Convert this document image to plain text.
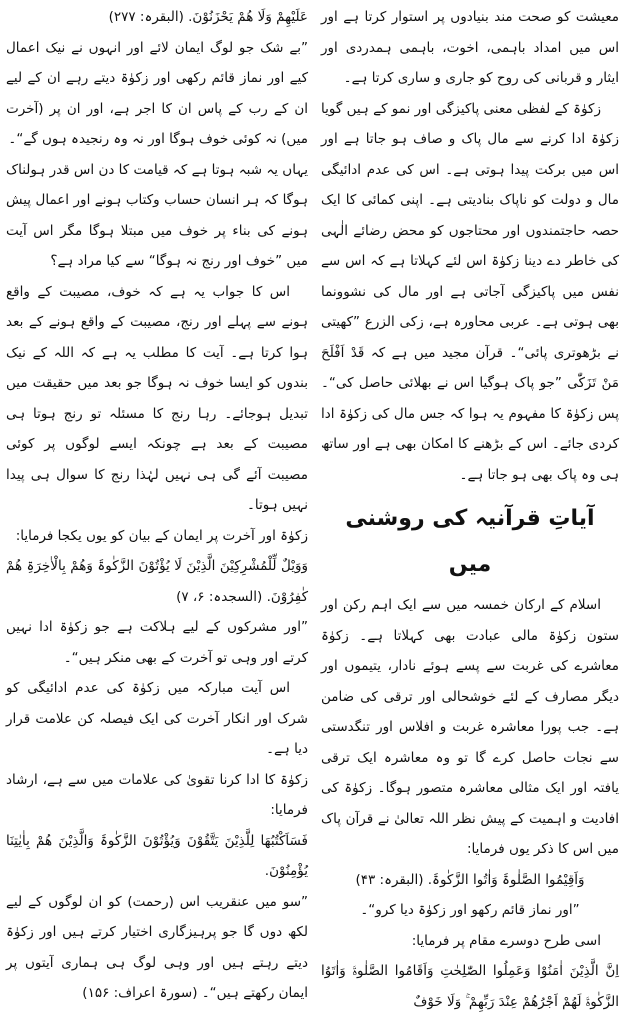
معیشت کو صحت مند بنیادوں پر استوار کرتا ہے اور اس میں امداد باہمی، اخوت، باہمی ہمدردی اور ایثار و قربانی کی روح کو جاری و ساری کرتا ہے۔

زکوٰۃ کے لفظی معنی پاکیزگی اور نمو کے ہیں گویا زکوٰۃ ادا کرنے سے مال پاک و صاف ہو جاتا ہے اور اس میں برکت پیدا ہوتی ہے۔ اس کی عدم ادائیگی مال و دولت کو ناپاک بنادیتی ہے۔ اپنی کمائی کا ایک حصہ حاجتمندوں اور محتاجوں کو محض رضائے الٰہی کی خاطر دے دینا زکوٰۃ اس لئے کہلاتا ہے کہ اس سے نفس میں پاکیزگی آجاتی ہے اور مال کی نشوونما بھی ہوتی ہے۔ عربی محاورہ ہے، زکی الزرع ”کھیتی نے بڑھوتری پائی“۔ قرآن مجید میں ہے کہ قَدْ اَفْلَحَ مَنْ تَزَکّٰی ”جو پاک ہوگیا اس نے بھلائی حاصل کی“۔ پس زکوٰۃ کا مفہوم یہ ہوا کہ جس مال کی زکوٰۃ ادا کردی جائے۔ اس کے بڑھنے کا امکان بھی ہے اور ساتھ ہی وہ پاک بھی ہو جاتا ہے۔

آیاتِ قرآنیہ کی روشنی میں

اسلام کے ارکان خمسہ میں سے ایک اہم رکن اور ستون زکوٰۃ مالی عبادت بھی کہلاتا ہے۔ زکوٰۃ معاشرے کی غربت سے پسے ہوئے نادار، یتیموں اور دیگر مصارف کے لئے خوشحالی اور ترقی کی ضامن ہے۔ جب پورا معاشرہ غربت و افلاس اور تنگدستی سے نجات حاصل کرے گا تو وہ معاشرہ ایک ترقی یافتہ اور ایک مثالی معاشرہ متصور ہوگا۔ زکوٰۃ کی افادیت و اہمیت کے پیش نظر اللہ تعالیٰ نے قرآن پاک میں اس کا ذکر یوں فرمایا:

وَاَقِیْمُوا الصَّلٰوۃَ وَاٰتُوا الزَّکٰوۃَ. (البقرہ: ۴۳)

”اور نماز قائم رکھو اور زکوٰۃ دیا کرو“۔

اسی طرح دوسرے مقام پر فرمایا:

اِنَّ الَّذِیْنَ اٰمَنُوْا وَعَمِلُوا الصّٰلِحٰتِ وَاَقَامُوا الصَّلٰوۃَ وَاٰتَوُا الزَّکٰوۃَ لَھُمْ اَجْرُھُمْ عِنْدَ رَبِّھِمْ ۚ وَلَا خَوْفٌ

عَلَیْھِمْ وَلَا ھُمْ یَحْزَنُوْنَ. (البقرہ: ۲۷۷)

”بے شک جو لوگ ایمان لائے اور انہوں نے نیک اعمال کیے اور نماز قائم رکھی اور زکوٰۃ دیتے رہے ان کے لیے ان کے رب کے پاس ان کا اجر ہے، اور ان پر (آخرت میں) نہ کوئی خوف ہوگا اور نہ وہ رنجیدہ ہوں گے“۔

یہاں یہ شبہ ہوتا ہے کہ قیامت کا دن اس قدر ہولناک ہوگا کہ ہر انسان حساب وکتاب ہونے اور اعمال پیش ہونے کی بناء پر خوف میں مبتلا ہوگا مگر اس آیت میں ”خوف اور رنج نہ ہوگا“ سے کیا مراد ہے؟

اس کا جواب یہ ہے کہ خوف، مصیبت کے واقع ہونے سے پہلے اور رنج، مصیبت کے واقع ہونے کے بعد ہوا کرتا ہے۔ آیت کا مطلب یہ ہے کہ اللہ کے نیک بندوں کو ایسا خوف نہ ہوگا جو بعد میں حقیقت میں تبدیل ہوجائے۔ رہا رنج کا مسئلہ تو رنج ہوتا ہی مصیبت کے بعد ہے چونکہ ایسے لوگوں پر کوئی مصیبت آئے گی ہی نہیں لہٰذا رنج کا سوال ہی پیدا نہیں ہوتا۔

زکوٰۃ اور آخرت پر ایمان کے بیان کو یوں یکجا فرمایا:

وَوَیْلٌ لِّلْمُشْرِکِیْنَ الَّذِیْنَ لَا یُؤْتُوْنَ الزَّکٰوۃَ وَھُمْ بِالْاٰخِرَۃِ ھُمْ کٰفِرُوْنَ. (السجدہ: ۶، ۷)

”اور مشرکوں کے لیے ہلاکت ہے جو زکوٰۃ ادا نہیں کرتے اور وہی تو آخرت کے بھی منکر ہیں“۔

اس آیت مبارکہ میں زکوٰۃ کی عدم ادائیگی کو شرک اور انکار آخرت کی ایک فیصلہ کن علامت قرار دیا ہے۔

زکوٰۃ کا ادا کرنا تقویٰ کی علامات میں سے ہے، ارشاد فرمایا:

فَسَاَکْتُبُھَا لِلَّذِیْنَ یَتَّقُوْنَ وَیُؤْتُوْنَ الزَّکٰوۃَ وَالَّذِیْنَ ھُمْ بِاٰیٰتِنَا یُؤْمِنُوْنَ.

”سو میں عنقریب اس (رحمت) کو ان لوگوں کے لیے لکھ دوں گا جو پرہیزگاری اختیار کرتے ہیں اور زکوٰۃ دیتے رہتے ہیں اور وہی لوگ ہی ہماری آیتوں پر ایمان رکھتے ہیں“۔ (سورۃ اعراف: ۱۵۶)
